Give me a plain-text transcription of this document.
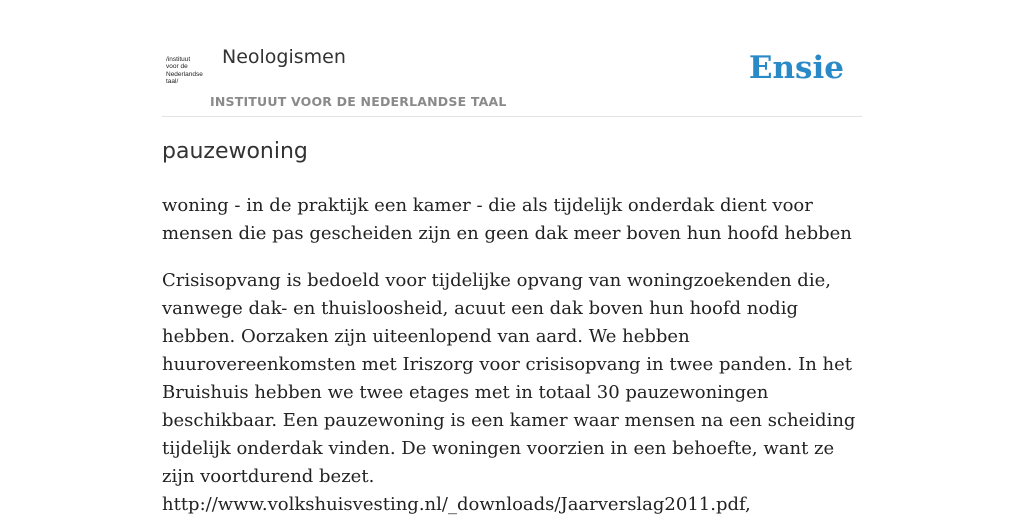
/instituut
voor de
Nederlandse
taal/
Neologismen
INSTITUUT VOOR DE NEDERLANDSE TAAL
Ensie
pauzewoning

woning - in de praktijk een kamer - die als tijdelijk onderdak dient voor mensen die pas gescheiden zijn en geen dak meer boven hun hoofd hebben

Crisisopvang is bedoeld voor tijdelijke opvang van woningzoekenden die, vanwege dak- en thuisloosheid, acuut een dak boven hun hoofd nodig hebben. Oorzaken zijn uiteenlopend van aard. We hebben huurovereenkomsten met Iriszorg voor crisisopvang in twee panden. In het Bruishuis hebben we twee etages met in totaal 30 pauzewoningen beschikbaar. Een pauzewoning is een kamer waar mensen na een scheiding tijdelijk onderdak vinden. De woningen voorzien in een behoefte, want ze zijn voortdurend bezet. http://www.volkshuisvesting.nl/_downloads/Jaarverslag2011.pdf,
